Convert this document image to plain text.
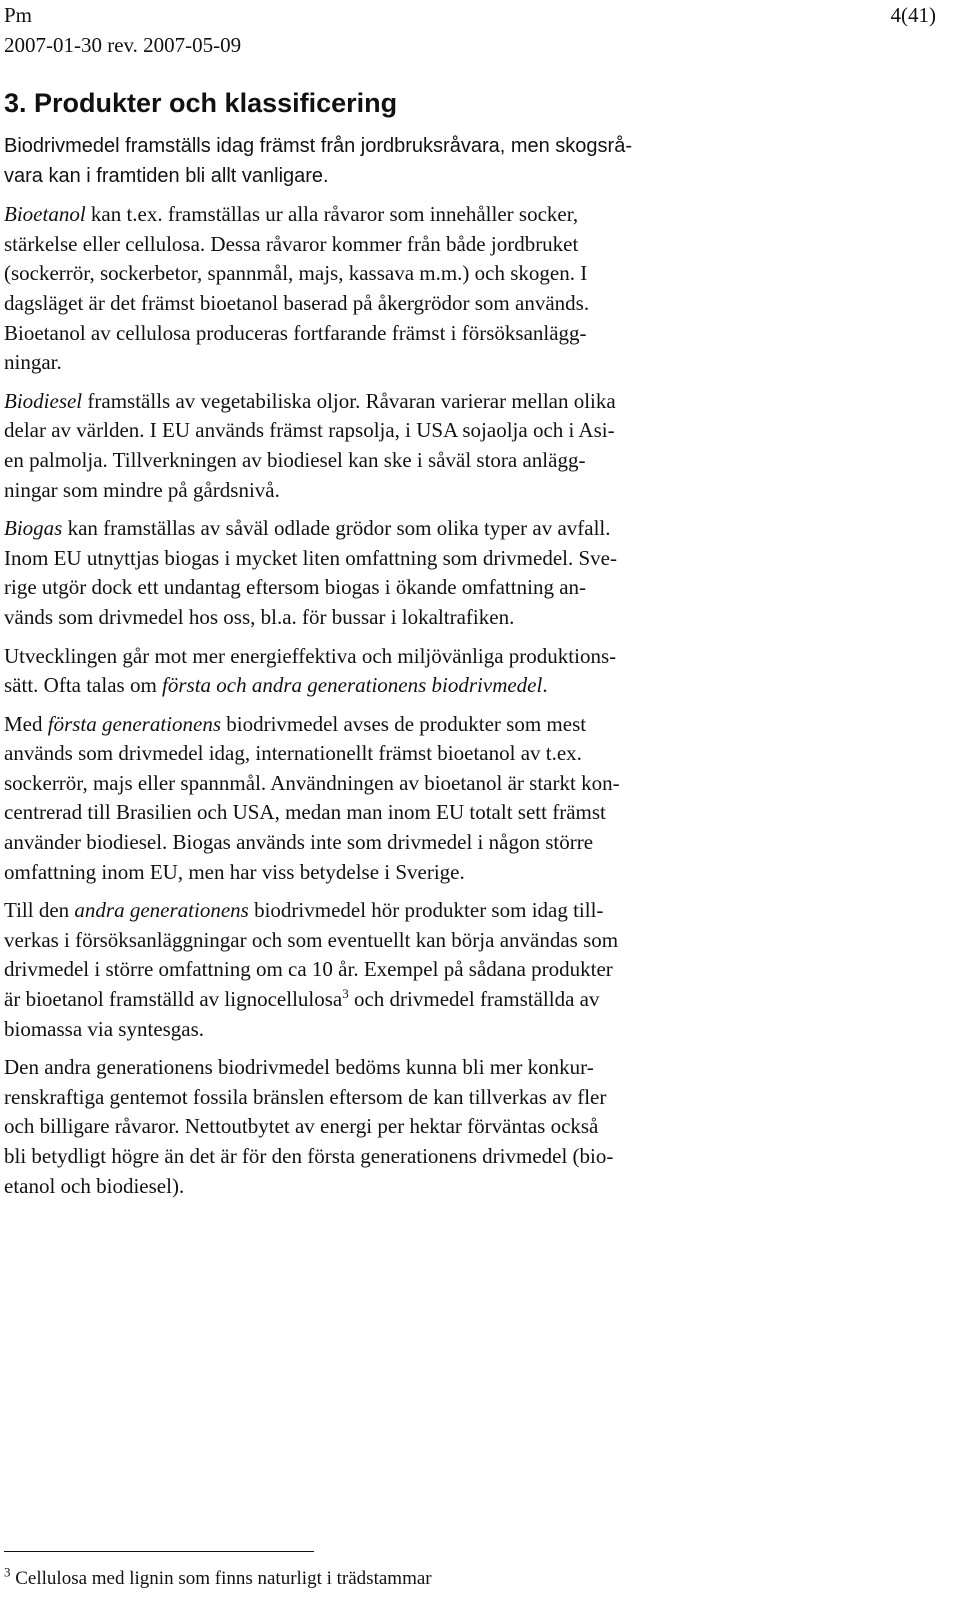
Pm
2007-01-30 rev. 2007-05-09
4(41)
3. Produkter och klassificering

Biodrivmedel framställs idag främst från jordbruksråvara, men skogsrå-
vara kan i framtiden bli allt vanligare.

Bioetanol kan t.ex. framställas ur alla råvaror som innehåller socker,
stärkelse eller cellulosa. Dessa råvaror kommer från både jordbruket
(sockerrör, sockerbetor, spannmål, majs, kassava m.m.) och skogen. I
dagsläget är det främst bioetanol baserad på åkergrödor som används.
Bioetanol av cellulosa produceras fortfarande främst i försöksanlägg-
ningar.

Biodiesel framställs av vegetabiliska oljor. Råvaran varierar mellan olika
delar av världen. I EU används främst rapsolja, i USA sojaolja och i Asi-
en palmolja. Tillverkningen av biodiesel kan ske i såväl stora anlägg-
ningar som mindre på gårdsnivå.

Biogas kan framställas av såväl odlade grödor som olika typer av avfall.
Inom EU utnyttjas biogas i mycket liten omfattning som drivmedel. Sve-
rige utgör dock ett undantag eftersom biogas i ökande omfattning an-
vänds som drivmedel hos oss, bl.a. för bussar i lokaltrafiken.

Utvecklingen går mot mer energieffektiva och miljövänliga produktions-
sätt. Ofta talas om första och andra generationens biodrivmedel.

Med första generationens biodrivmedel avses de produkter som mest
används som drivmedel idag, internationellt främst bioetanol av t.ex.
sockerrör, majs eller spannmål. Användningen av bioetanol är starkt kon-
centrerad till Brasilien och USA, medan man inom EU totalt sett främst
använder biodiesel. Biogas används inte som drivmedel i någon större
omfattning inom EU, men har viss betydelse i Sverige.

Till den andra generationens biodrivmedel hör produkter som idag till-
verkas i försöksanläggningar och som eventuellt kan börja användas som
drivmedel i större omfattning om ca 10 år. Exempel på sådana produkter
är bioetanol framställd av lignocellulosa$^3$ och drivmedel framställda av
biomassa via syntesgas.

Den andra generationens biodrivmedel bedöms kunna bli mer konkur-
renskraftiga gentemot fossila bränslen eftersom de kan tillverkas av fler
och billigare råvaror. Nettoutbytet av energi per hektar förväntas också
bli betydligt högre än det är för den första generationens drivmedel (bio-
etanol och biodiesel).

$^3$ Cellulosa med lignin som finns naturligt i trädstammar
